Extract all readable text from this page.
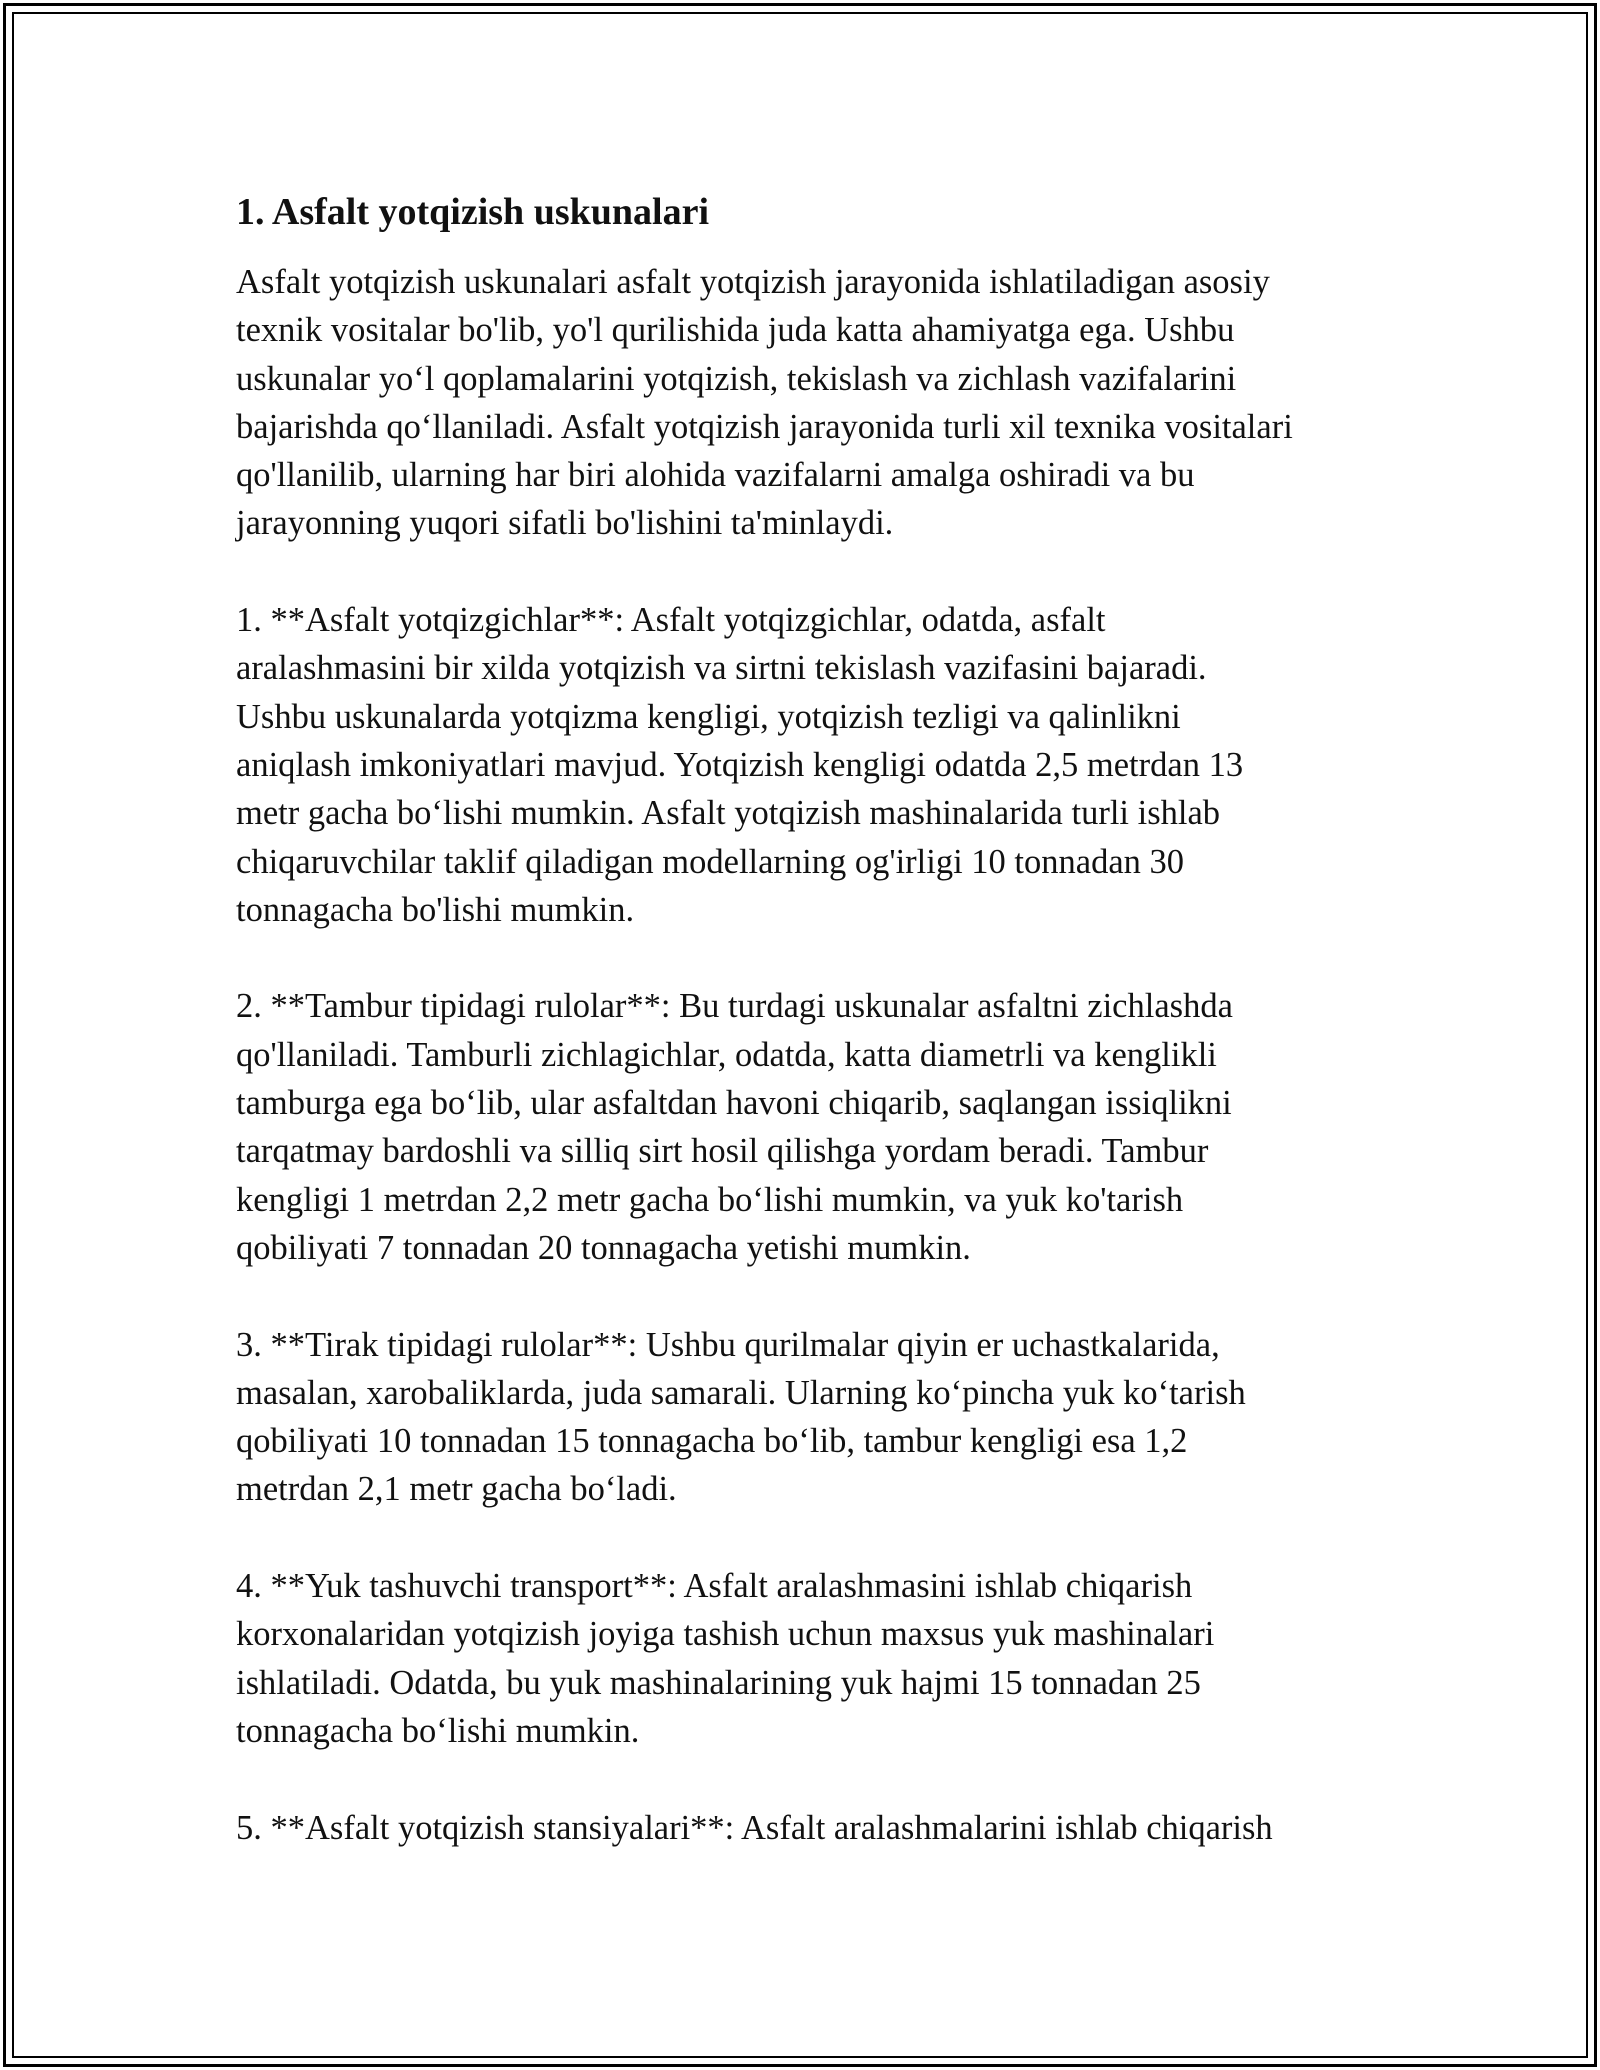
1. Asfalt yotqizish uskunalari
Asfalt yotqizish uskunalari asfalt yotqizish jarayonida ishlatiladigan asosiy
texnik vositalar bo'lib, yo'l qurilishida juda katta ahamiyatga ega. Ushbu
uskunalar yo‘l qoplamalarini yotqizish, tekislash va zichlash vazifalarini
bajarishda qo‘llaniladi. Asfalt yotqizish jarayonida turli xil texnika vositalari
qo'llanilib, ularning har biri alohida vazifalarni amalga oshiradi va bu
jarayonning yuqori sifatli bo'lishini ta'minlaydi.
1. **Asfalt yotqizgichlar**: Asfalt yotqizgichlar, odatda, asfalt
aralashmasini bir xilda yotqizish va sirtni tekislash vazifasini bajaradi.
Ushbu uskunalarda yotqizma kengligi, yotqizish tezligi va qalinlikni
aniqlash imkoniyatlari mavjud. Yotqizish kengligi odatda 2,5 metrdan 13
metr gacha bo‘lishi mumkin. Asfalt yotqizish mashinalarida turli ishlab
chiqaruvchilar taklif qiladigan modellarning og'irligi 10 tonnadan 30
tonnagacha bo'lishi mumkin.
2. **Tambur tipidagi rulolar**: Bu turdagi uskunalar asfaltni zichlashda
qo'llaniladi. Tamburli zichlagichlar, odatda, katta diametrli va kenglikli
tamburga ega bo‘lib, ular asfaltdan havoni chiqarib, saqlangan issiqlikni
tarqatmay bardoshli va silliq sirt hosil qilishga yordam beradi. Tambur
kengligi 1 metrdan 2,2 metr gacha bo‘lishi mumkin, va yuk ko'tarish
qobiliyati 7 tonnadan 20 tonnagacha yetishi mumkin.
3. **Tirak tipidagi rulolar**: Ushbu qurilmalar qiyin er uchastkalarida,
masalan, xarobaliklarda, juda samarali. Ularning ko‘pincha yuk ko‘tarish
qobiliyati 10 tonnadan 15 tonnagacha bo‘lib, tambur kengligi esa 1,2
metrdan 2,1 metr gacha bo‘ladi.
4. **Yuk tashuvchi transport**: Asfalt aralashmasini ishlab chiqarish
korxonalaridan yotqizish joyiga tashish uchun maxsus yuk mashinalari
ishlatiladi. Odatda, bu yuk mashinalarining yuk hajmi 15 tonnadan 25
tonnagacha bo‘lishi mumkin.
5. **Asfalt yotqizish stansiyalari**: Asfalt aralashmalarini ishlab chiqarish
